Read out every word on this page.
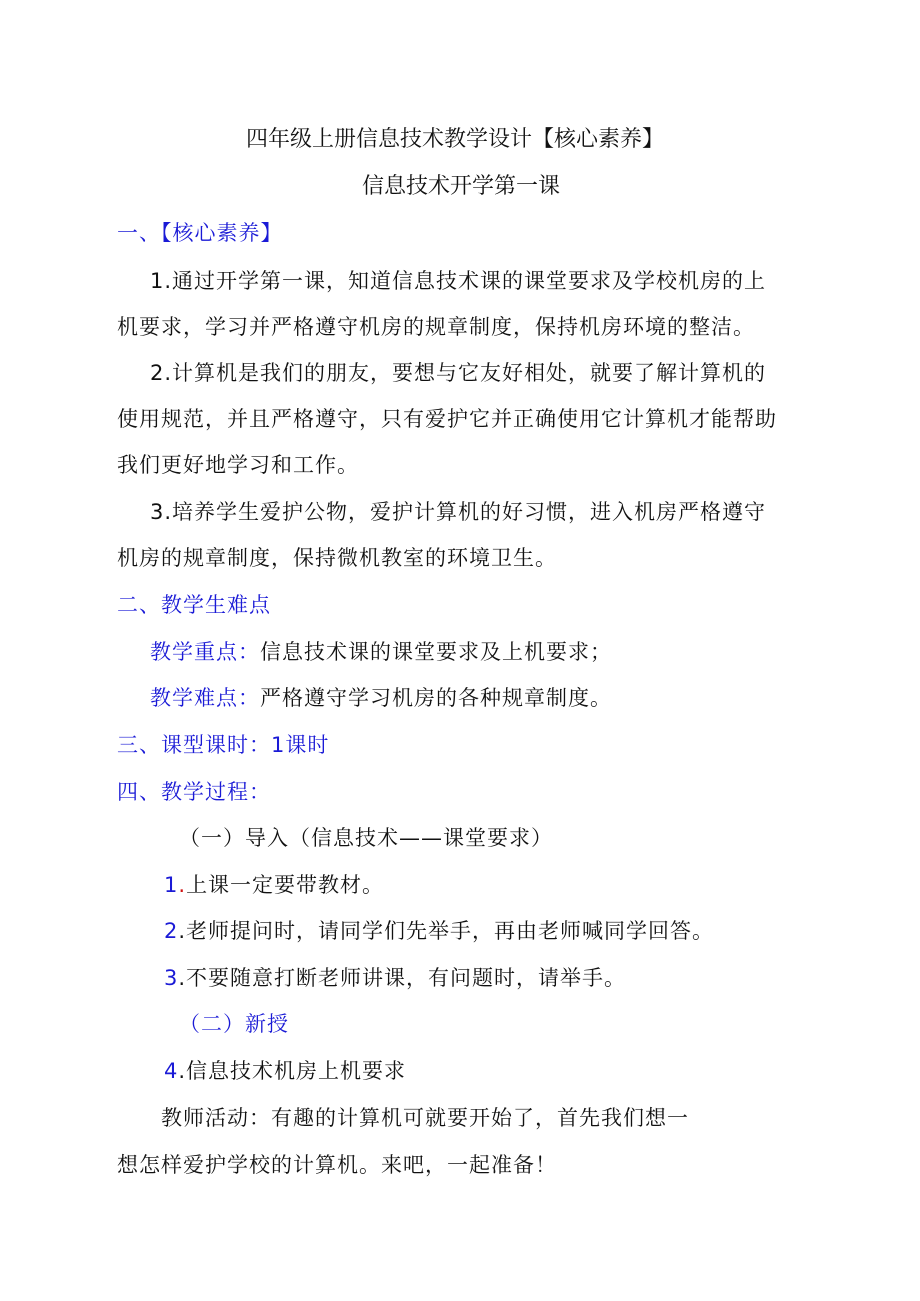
四年级上册信息技术教学设计【核心素养】
信息技术开学第一课
一、【核心素养】
1.通过开学第一课，知道信息技术课的课堂要求及学校机房的上
机要求，学习并严格遵守机房的规章制度，保持机房环境的整洁。
2.计算机是我们的朋友，要想与它友好相处，就要了解计算机的
使用规范，并且严格遵守，只有爱护它并正确使用它计算机才能帮助
我们更好地学习和工作。
3.培养学生爱护公物，爱护计算机的好习惯，进入机房严格遵守
机房的规章制度，保持微机教室的环境卫生。
二、教学生难点
教学重点：信息技术课的课堂要求及上机要求；
教学难点：严格遵守学习机房的各种规章制度。
三、课型课时：1课时
四、教学过程：
（一）导入（信息技术——课堂要求）
1.上课一定要带教材。
2.老师提问时，请同学们先举手，再由老师喊同学回答。
3.不要随意打断老师讲课，有问题时，请举手。
（二）新授
4.信息技术机房上机要求
教师活动：有趣的计算机可就要开始了，首先我们想一
想怎样爱护学校的计算机。来吧，一起准备！
